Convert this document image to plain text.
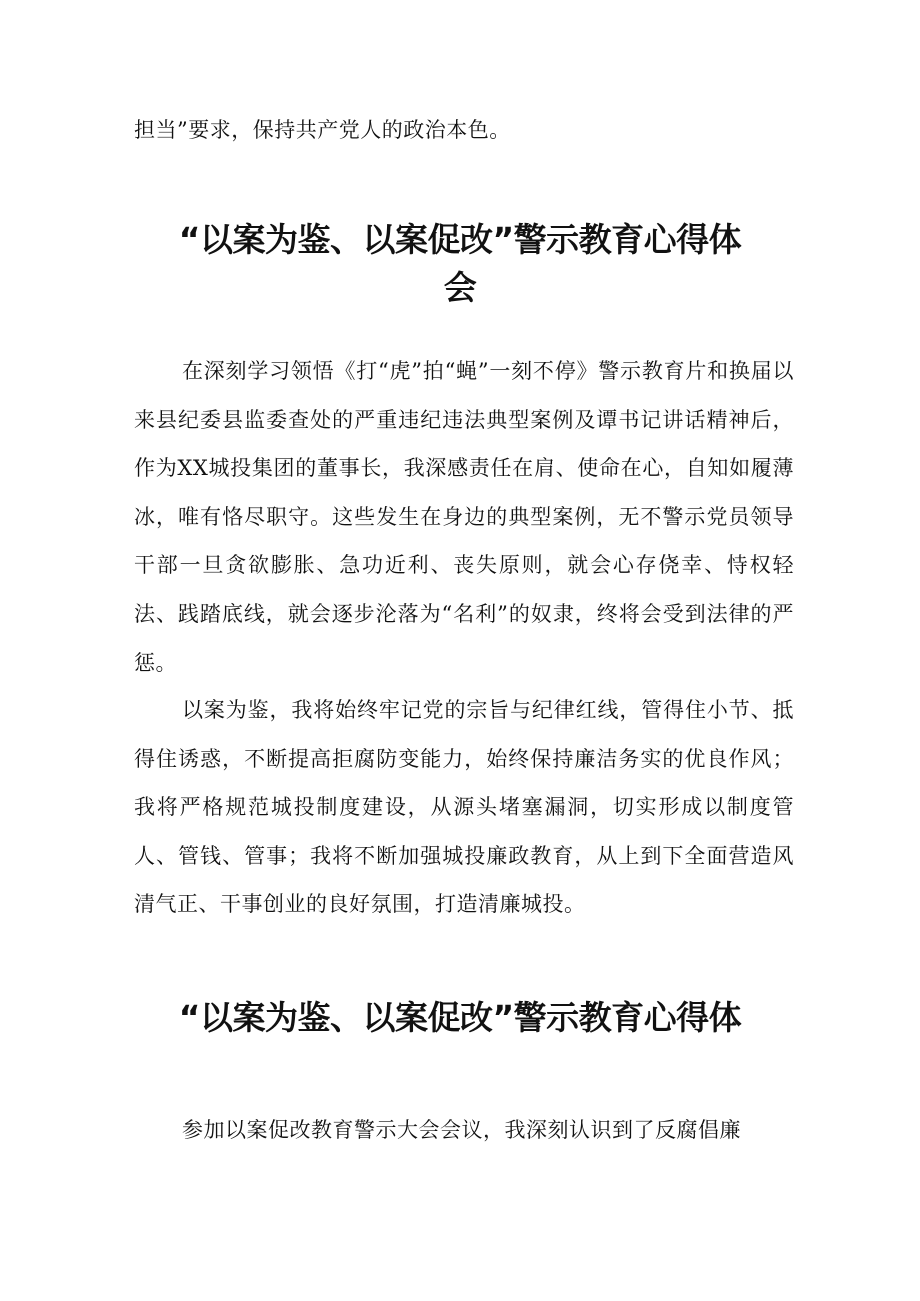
担当”要求，保持共产党人的政治本色。

“以案为鉴、以案促改”警示教育心得体
会

在深刻学习领悟《打“虎”拍“蝇”一刻不停》警示教育片和换届以来县纪委县监委查处的严重违纪违法典型案例及谭书记讲话精神后，作为XX城投集团的董事长，我深感责任在肩、使命在心，自知如履薄冰，唯有恪尽职守。这些发生在身边的典型案例，无不警示党员领导干部一旦贪欲膨胀、急功近利、丧失原则，就会心存侥幸、恃权轻法、践踏底线，就会逐步沦落为“名利”的奴隶，终将会受到法律的严惩。

以案为鉴，我将始终牢记党的宗旨与纪律红线，管得住小节、抵得住诱惑，不断提高拒腐防变能力，始终保持廉洁务实的优良作风；我将严格规范城投制度建设，从源头堵塞漏洞，切实形成以制度管人、管钱、管事；我将不断加强城投廉政教育，从上到下全面营造风清气正、干事创业的良好氛围，打造清廉城投。

“以案为鉴、以案促改”警示教育心得体

参加以案促改教育警示大会会议，我深刻认识到了反腐倡廉
